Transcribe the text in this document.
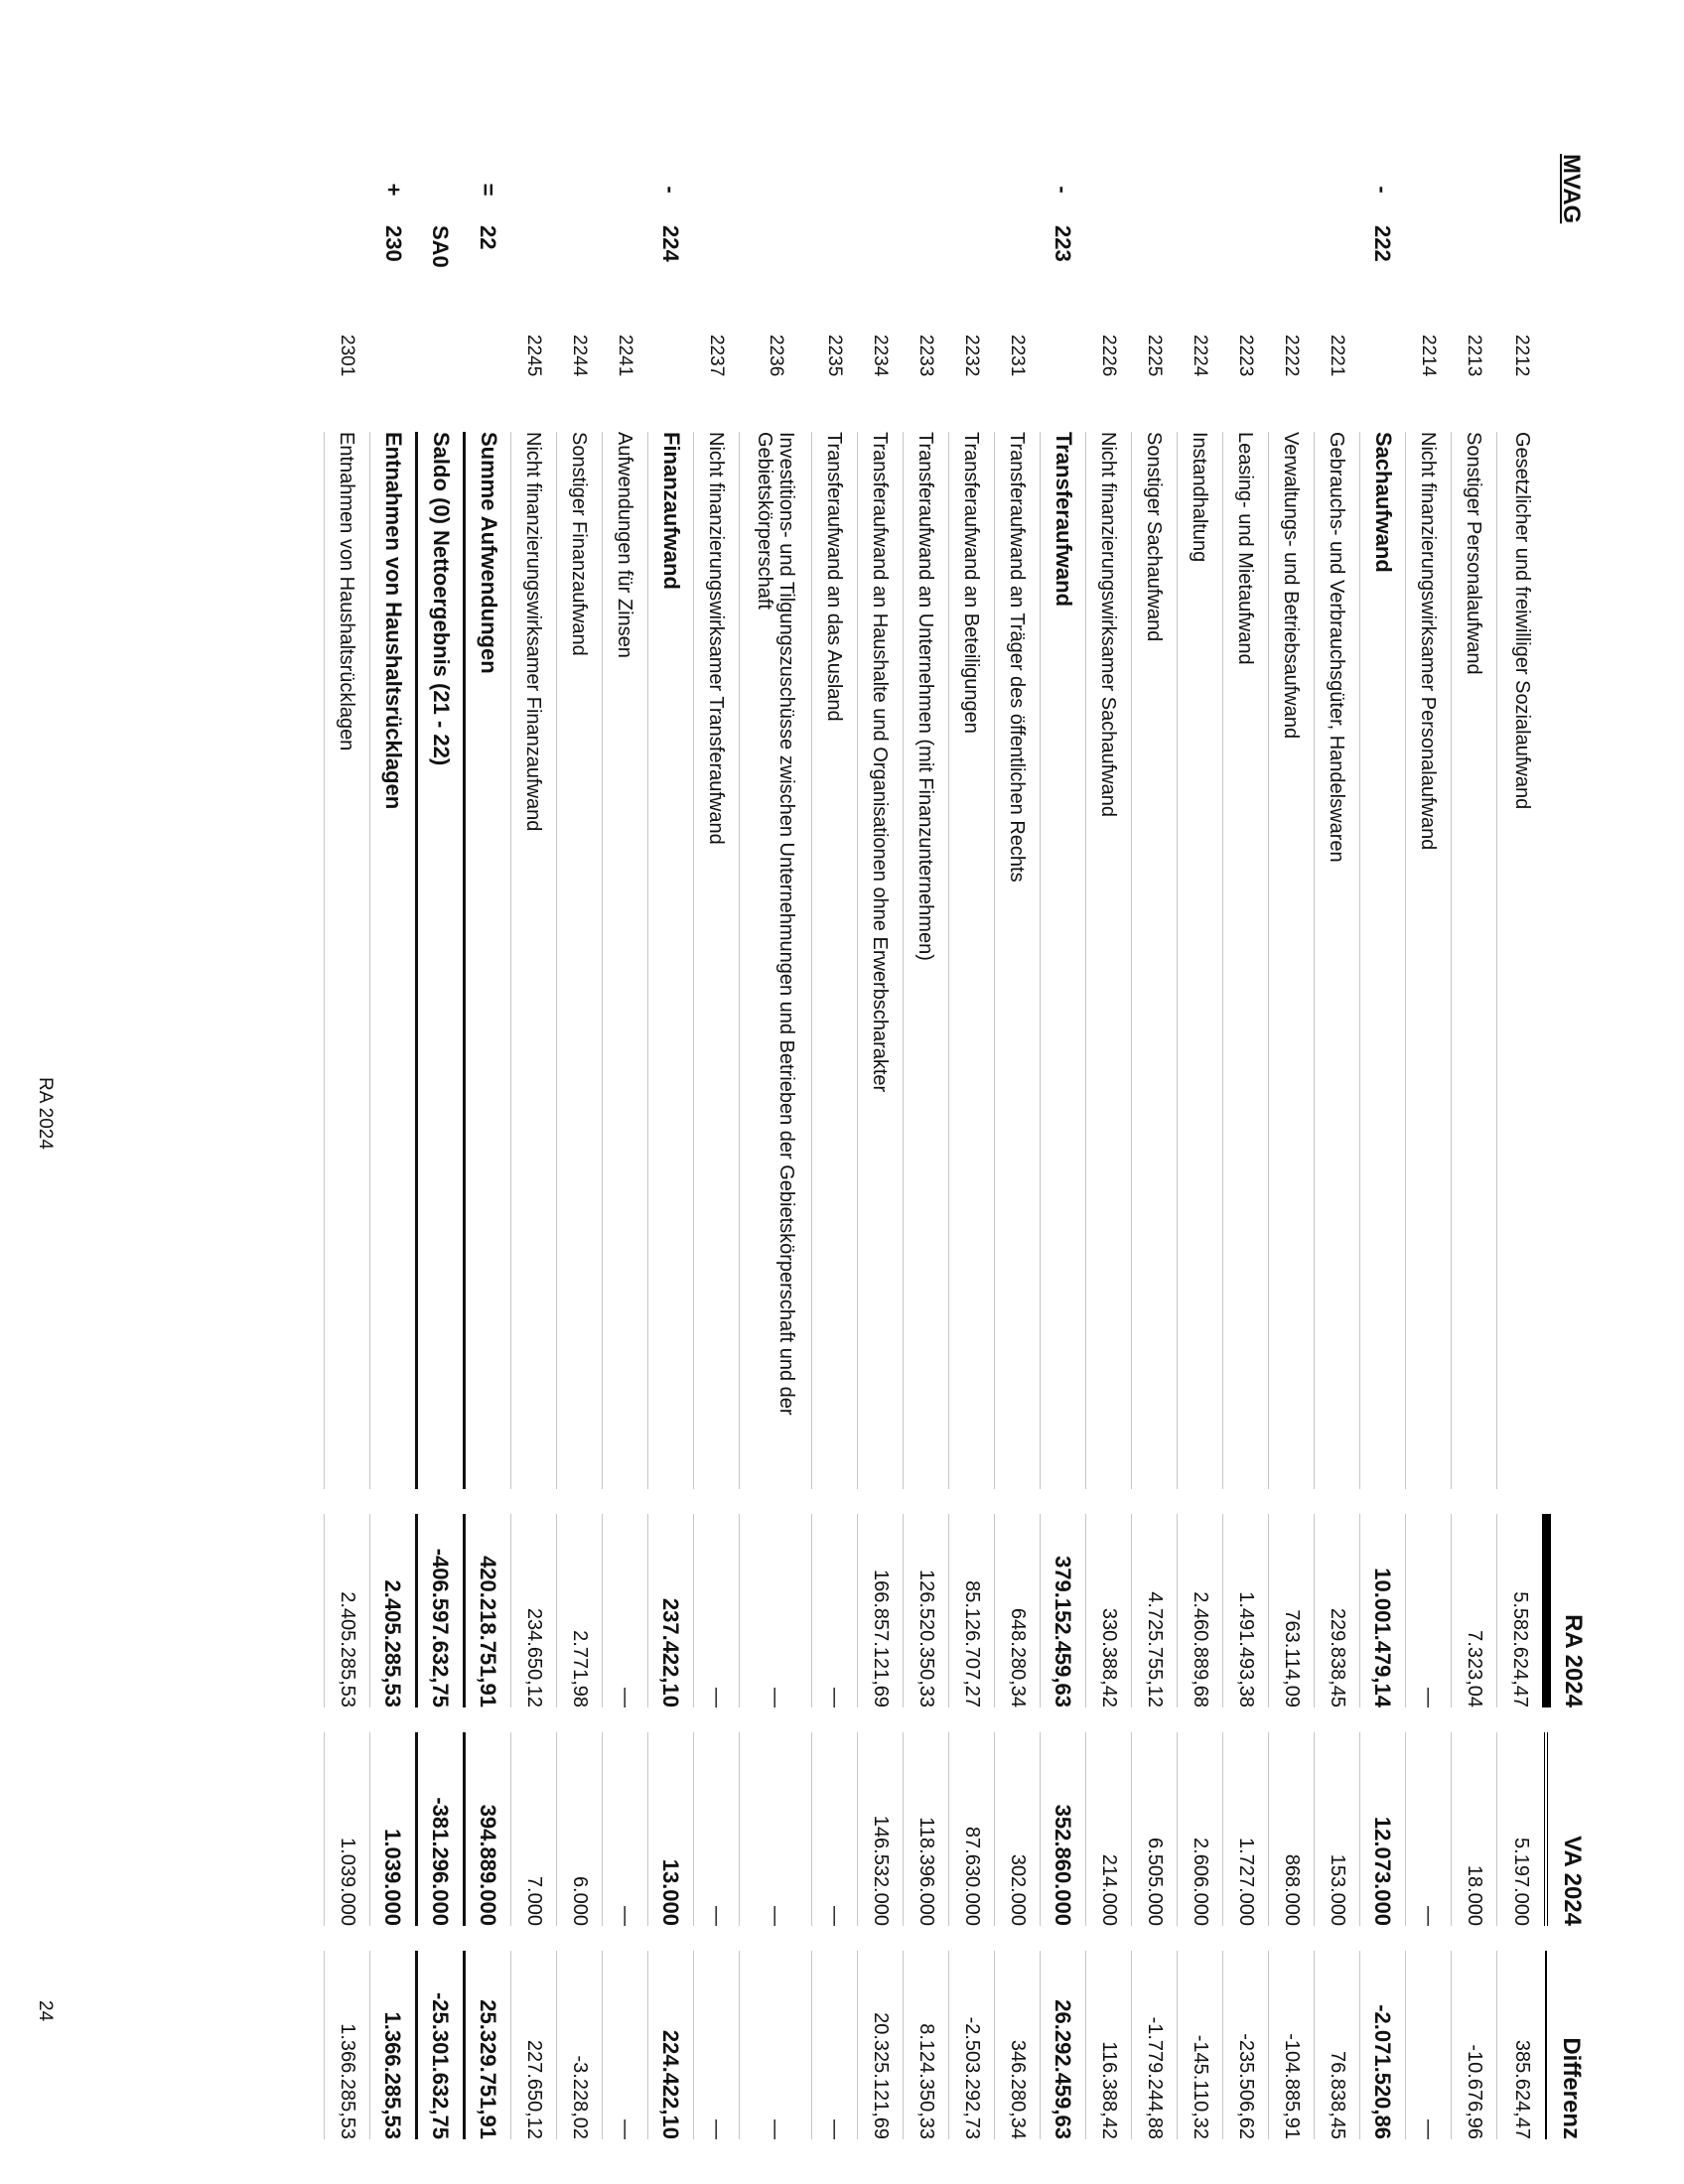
MVAG					RA 2024		VA 2024		Differenz
		2212	Gesetzlicher und freiwilliger Sozialaufwand		5.582.624,47		5.197.000		385.624,47
		2213	Sonstiger Personalaufwand		7.323,04		18.000		-10.676,96
		2214	Nicht finanzierungswirksamer Personalaufwand		—		—		—
-	222		Sachaufwand		10.001.479,14		12.073.000		-2.071.520,86
		2221	Gebrauchs- und Verbrauchsgüter, Handelswaren		229.838,45		153.000		76.838,45
		2222	Verwaltungs- und Betriebsaufwand		763.114,09		868.000		-104.885,91
		2223	Leasing- und Mietaufwand		1.491.493,38		1.727.000		-235.506,62
		2224	Instandhaltung		2.460.889,68		2.606.000		-145.110,32
		2225	Sonstiger Sachaufwand		4.725.755,12		6.505.000		-1.779.244,88
		2226	Nicht finanzierungswirksamer Sachaufwand		330.388,42		214.000		116.388,42
-	223		Transferaufwand		379.152.459,63		352.860.000		26.292.459,63
		2231	Transferaufwand an Träger des öffentlichen Rechts		648.280,34		302.000		346.280,34
		2232	Transferaufwand an Beteiligungen		85.126.707,27		87.630.000		-2.503.292,73
		2233	Transferaufwand an Unternehmen (mit Finanzunternehmen)		126.520.350,33		118.396.000		8.124.350,33
		2234	Transferaufwand an Haushalte und Organisationen ohne Erwerbscharakter		166.857.121,69		146.532.000		20.325.121,69
		2235	Transferaufwand an das Ausland		—		—		—
		2236	Investitions- und Tilgungszuschüsse zwischen Unternehmungen und Betrieben der Gebietskörperschaft und der Gebietskörperschaft		—		—		—
		2237	Nicht finanzierungswirksamer Transferaufwand		—		—		—
-	224		Finanzaufwand		237.422,10		13.000		224.422,10
		2241	Aufwendungen für Zinsen		—		—		—
		2244	Sonstiger Finanzaufwand		2.771,98		6.000		-3.228,02
		2245	Nicht finanzierungswirksamer Finanzaufwand		234.650,12		7.000		227.650,12
=	22		Summe Aufwendungen		420.218.751,91		394.889.000		25.329.751,91
	SA0		Saldo (0) Nettoergebnis (21 - 22)		-406.597.632,75		-381.296.000		-25.301.632,75
+	230		Entnahmen von Haushaltsrücklagen		2.405.285,53		1.039.000		1.366.285,53
		2301	Entnahmen von Haushaltsrücklagen		2.405.285,53		1.039.000		1.366.285,53
RA 2024
24
